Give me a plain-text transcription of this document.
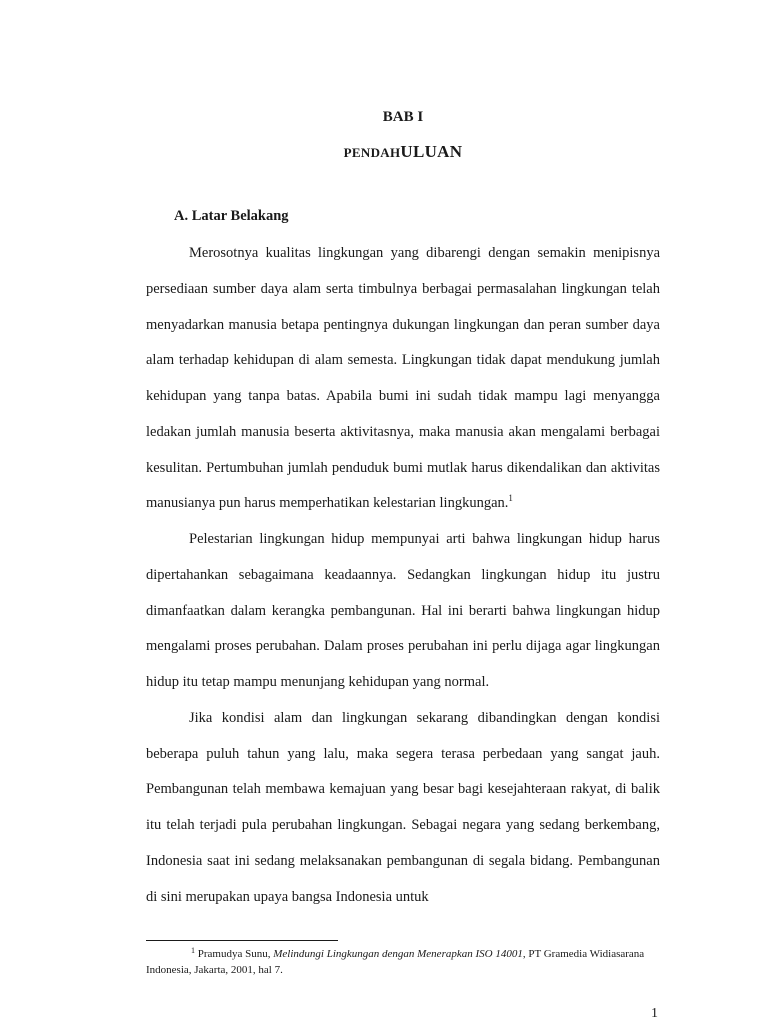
BAB I
PENDAHULUAN
A. Latar Belakang

Merosotnya kualitas lingkungan yang dibarengi dengan semakin menipisnya persediaan sumber daya alam serta timbulnya berbagai permasalahan lingkungan telah menyadarkan manusia betapa pentingnya dukungan lingkungan dan peran sumber daya alam terhadap kehidupan di alam semesta. Lingkungan tidak dapat mendukung jumlah kehidupan yang tanpa batas. Apabila bumi ini sudah tidak mampu lagi menyangga ledakan jumlah manusia beserta aktivitasnya, maka manusia akan mengalami berbagai kesulitan. Pertumbuhan jumlah penduduk bumi mutlak harus dikendalikan dan aktivitas manusianya pun harus memperhatikan kelestarian lingkungan.$^1$

Pelestarian lingkungan hidup mempunyai arti bahwa lingkungan hidup harus dipertahankan sebagaimana keadaannya. Sedangkan lingkungan hidup itu justru dimanfaatkan dalam kerangka pembangunan. Hal ini berarti bahwa lingkungan hidup mengalami proses perubahan. Dalam proses perubahan ini perlu dijaga agar lingkungan hidup itu tetap mampu menunjang kehidupan yang normal.

Jika kondisi alam dan lingkungan sekarang dibandingkan dengan kondisi beberapa puluh tahun yang lalu, maka segera terasa perbedaan yang sangat jauh. Pembangunan telah membawa kemajuan yang besar bagi kesejahteraan rakyat, di balik itu telah terjadi pula perubahan lingkungan. Sebagai negara yang sedang berkembang, Indonesia saat ini sedang melaksanakan pembangunan di segala bidang. Pembangunan di sini merupakan upaya bangsa Indonesia untuk

$^1$ Pramudya Sunu, Melindungi Lingkungan dengan Menerapkan ISO 14001, PT Gramedia Widiasarana Indonesia, Jakarta, 2001, hal 7.

1
